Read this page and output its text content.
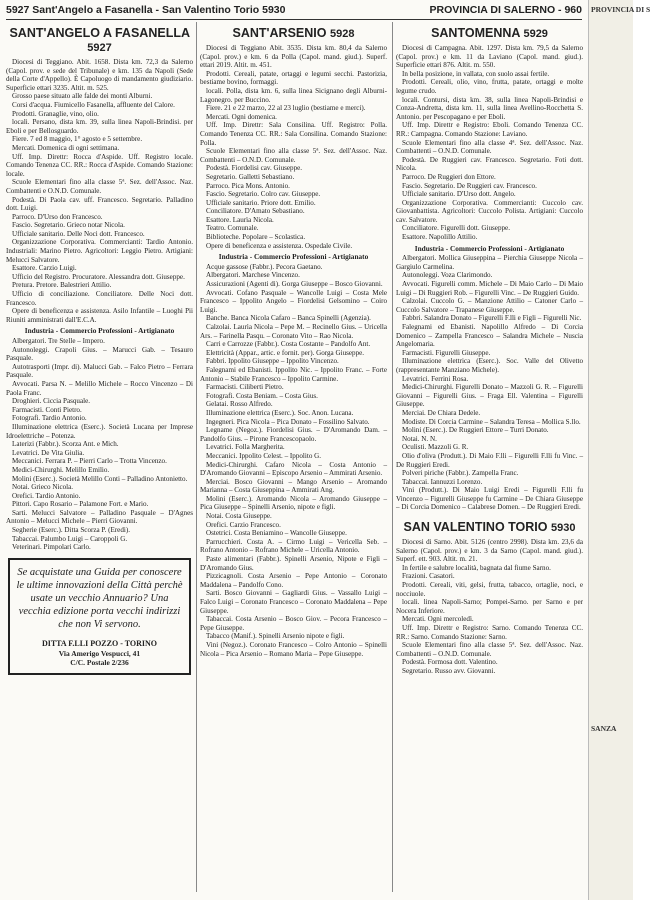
5927 Sant'Angelo a Fasanella - San Valentino Torio 5930	PROVINCIA DI SALERNO - 960
SANT'ANGELO A FASANELLA 5927

Diocesi di Teggiano. Abit. 1658. Dista km. 72,3 da Salerno (Capol. prov. e sede del Tribunale) e km. 135 da Napoli (Sede della Corte d'Appello). È Capoluogo di mandamento giudiziario. Superficie ettari 3235. Altit. m. 525.

Grosso paese situato alle falde dei monti Alburni.

Corsi d'acqua. Fiumicello Fasanella, affluente del Calore.

Prodotti. Granaglie, vino, olio.

locali. Persano, dista km. 39, sulla linea Napoli-Brindisi. per Eboli e per Bellosguardo.

Fiere. 7 ed 8 maggio, 1° agosto e 5 settembre.

Mercati. Domenica di ogni settimana.

Uff. Imp. Direttr: Rocca d'Aspide. Uff. Registro locale. Comando Tenenza CC. RR.: Rocca d'Aspide. Comando Stazione: locale.

Scuole Elementari fino alla classe 5ª. Sez. dell'Assoc. Naz. Combattenti e O.N.D. Comunale.

Podestà. Di Paola cav. uff. Francesco. Segretario. Palladino dott. Luigi.

Parroco. D'Urso don Francesco.

Fascio. Segretario. Grieco notar Nicola.

Ufficiale sanitario. Delle Noci dott. Francesco.

Organizzazione Corporativa. Commercianti: Tardio Antonio. Industriali: Marino Pietro. Agricoltori: Leggio Pietro. Artigiani: Melucci Salvatore.

Esattore. Carzio Luigi.

Ufficio del Registro. Procuratore. Alessandra dott. Giuseppe.

Pretura. Pretore. Balestrieri Attilio.

Ufficio di conciliazione. Conciliatore. Delle Noci dott. Francesco.

Opere di beneficenza e assistenza. Asilo Infantile – Luoghi Pii Riuniti amministrati dall'E.C.A.

Industria - Commercio Professioni - Artigianato

Albergatori. Tre Stelle – Impero.

Autonoleggi. Crapoli Gius. – Marucci Gab. – Tesauro Pasquale.

Autotrasporti (Impr. di). Malucci Gab. – Falco Pietro – Ferrara Pasquale.

Avvocati. Parsa N. – Melillo Michele – Rocco Vincenzo – Di Paola Franc.

Droghieri. Ciccia Pasquale.

Farmacisti. Conti Pietro.

Fotografi. Tardio Antonio.

Illuminazione elettrica (Eserc.). Società Lucana per Imprese Idroelettriche – Potenza.

Laterizi (Fabbr.). Scorza Ant. e Mich.

Levatrici. De Vita Giulia.

Meccanici. Ferrara P. – Pierri Carlo – Trotta Vincenzo.

Medici-Chirurghi. Melillo Emilio.

Molini (Eserc.). Società Melillo Conti – Palladino Antonietto.

Notai. Grieco Nicola.

Orefici. Tardio Antonio.

Pittori. Capo Rosario – Palamone Fort. e Mario.

Sarti. Melucci Salvatore – Palladino Pasquale – D'Agnes Antonio – Melucci Michele – Pierri Giovanni.

Segherie (Eserc.). Ditta Scorza P. (Eredi).

Tabaccai. Palumbo Luigi – Caroppoli G.

Veterinari. Pimpolari Carlo.

Se acquistate una Guida per conoscere le ultime innovazioni della Città perchè usate un vecchio Annuario? Una vecchia edizione porta vecchi indirizzi che non Vi servono.
DITTA F.LLI POZZO - TORINO
Via Amerigo Vespucci, 41
C/C. Postale 2/236
SANT'ARSENIO 5928

Diocesi di Teggiano Abit. 3535. Dista km. 80,4 da Salerno (Capol. prov.) e km. 6 da Polla (Capol. mand. giud.). Superf. ettari 2019. Altit. m. 451.

Prodotti. Cereali, patate, ortaggi e legumi secchi. Pastorizia, bestiame bovino, formaggi.

locali. Polla, dista km. 6, sulla linea Sicignano degli Alburni-Lagonegro. per Buccino.

Fiere. 21 e 22 marzo, 22 al 23 luglio (bestiame e merci).

Mercati. Ogni domenica.

Uff. Imp. Direttr: Sala Consilina. Uff. Registro: Polla. Comando Tenenza CC. RR.: Sala Consilina. Comando Stazione: Polla.

Scuole Elementari fino alla classe 5ª. Sez. dell'Assoc. Naz. Combattenti – O.N.D. Comunale.

Podestà. Fiordelisi cav. Giuseppe.

Segretario. Galletti Sebastiano.

Parroco. Pica Mons. Antonio.

Fascio. Segretario. Colro cav. Giuseppe.

Ufficiale sanitario. Priore dott. Emilio.

Conciliatore. D'Amato Sebastiano.

Esattore. Laurìa Nicola.

Teatro. Comunale.

Biblioteche. Popolare – Scolastica.

Opere di beneficenza e assistenza. Ospedale Civile.

Industria - Commercio Professioni - Artigianato

Acque gassose (Fabbr.). Pecora Gaetano.

Albergatori. Marchese Vincenzo.

Assicurazioni (Agenti di). Gorga Giuseppe – Bosco Giovanni.

Avvocati. Cofano Pasquale – Wancolle Luigi – Costa Mele Francesco – Ippolito Angelo – Fiordelisi Gelsomino – Coiro Luigi.

Banche. Banca Nicola Cafaro – Banca Spinelli (Agenzia).

Calzolai. Laurìa Nicola – Pepe M. – Recinello Gius. – Uricella Ars. – Farinella Pasqu. – Coronato Vito – Rao Nicola.

Carri e Carrozze (Fabbr.). Costa Costante – Pandolfo Ant.

Elettricità (Appar., artic. e fornit. per). Gorga Giuseppe.

Fabbri. Ippolito Giuseppe – Ippolito Vincenzo.

Falegnami ed Ebanisti. Ippolito Nic. – Ippolito Franc. – Forte Antonio – Stabile Francesco – Ippolito Carmine.

Farmacisti. Ciliberti Pietro.

Fotografi. Costa Beniam. – Costa Gius.

Gelatai. Rosso Alfredo.

Illuminazione elettrica (Eserc.). Soc. Anon. Lucana.

Ingegneri. Pica Nicola – Pica Donato – Fossilino Salvato.

Legname (Negoz.). Fiordelisi Gius. – D'Aromando Dam. – Pandolfo Gius. – Pirone Francescopaolo.

Levatrici. Folla Margherita.

Meccanici. Ippolito Celest. – Ippolito G.

Medici-Chirurghi. Cafaro Nicola – Costa Antonio – D'Aromando Giovanni – Episcopo Arsenio – Ammirati Arsenio.

Merciai. Bosco Giovanni – Mango Arsenio – Aromando Marianna – Costa Giuseppina – Ammirati Ang.

Molini (Eserc.). Aromando Nicola – Aromando Giuseppe – Pica Giuseppe – Spinelli Arsenio, nipote e figli.

Notai. Costa Giuseppe.

Orefici. Carzio Francesco.

Ostetrici. Costa Beniamino – Wancolle Giuseppe.

Parrucchieri. Costa A. – Cirmo Luigi – Vericella Seb. – Rofrano Antonio – Rofrano Michele – Uricella Antonio.

Paste alimentari (Fabbr.). Spinelli Arsenio, Nipote e Figli – D'Aromando Gius.

Pizzicagnoli. Costa Arsenio – Pepe Antonio – Coronato Maddalena – Pandolfo Cono.

Sarti. Bosco Giovanni – Gagliardi Gius. – Vassallo Luigi – Falco Luigi – Coronato Francesco – Coronato Maddalena – Pepe Giuseppe.

Tabaccai. Costa Arsenio – Bosco Giov. – Pecora Francesco – Pepe Giuseppe.

Tabacco (Manif.). Spinelli Arsenio nipote e figli.

Vini (Negoz.). Coronato Francesco – Colro Antonio – Spinelli Nicola – Pica Arsenio – Romano Maria – Pepe Giuseppe.

SANTOMENNA 5929

Diocesi di Campagna. Abit. 1297. Dista km. 79,5 da Salerno (Capol. prov.) e km. 11 da Laviano (Capol. mand. giud.). Superficie ettari 876. Altit. m. 550.

In bella posizione, in vallata, con suolo assai fertile.

Prodotti. Cereali, olio, vino, frutta, patate, ortaggi e molte legume crudo.

locali. Contursi, dista km. 38, sulla linea Napoli-Brindisi e Conza-Andretta, dista km. 11, sulla linea Avellino-Rocchetta S. Antonio. per Pescopagano e per Eboli.

Uff. Imp. Direttr e Registro: Eboli. Comando Tenenza CC. RR.: Campagna. Comando Stazione: Laviano.

Scuole Elementari fino alla classe 4ª. Sez. dell'Assoc. Naz. Combattenti – O.N.D. Comunale.

Podestà. De Ruggieri cav. Francesco. Segretario. Foti dott. Nicola.

Parroco. De Ruggieri don Ettore.

Fascio. Segretario. De Ruggieri cav. Francesco.

Ufficiale sanitario. D'Urso dott. Angelo.

Organizzazione Corporativa. Commercianti: Cuccolo cav. Giovanbattista. Agricoltori: Cuccolo Polista. Artigiani: Cuccolo cav. Salvatore.

Conciliatore. Figurelli dott. Giuseppe.

Esattore. Napolillo Attilio.

Industria - Commercio Professioni - Artigianato

Albergatori. Mollica Giuseppina – Pierchia Giuseppe Nicola – Gargiulo Carmelina.

Autonoleggi. Voza Clarimondo.

Avvocati. Figurelli comm. Michele – Di Maio Carlo – Di Maio Luigi – Di Ruggieri Rob. – Figurelli Vinc. – De Ruggieri Guido.

Calzolai. Cuccolo G. – Manzione Attilio – Catoner Carlo – Cuccolo Salvatore – Trapanese Giuseppe.

Fabbri. Salandra Donato – Figurelli F.lli e Figli – Figurelli Nic.

Falegnami ed Ebanisti. Napolillo Alfredo – Di Corcia Domenico – Zampella Francesco – Salandra Michele – Nuscia Angelomaria.

Farmacisti. Figurelli Giuseppe.

Illuminazione elettrica (Eserc.). Soc. Valle del Olivetto (rappresentante Manziano Michele).

Levatrici. Ferrini Rosa.

Medici-Chirurghi. Figurelli Donato – Mazzoli G. R. – Figurelli Giovanni – Figurelli Gius. – Fraga Ell. Valentina – Figurelli Giuseppe.

Merciai. De Chiara Dedele.

Modiste. Di Corcia Carmine – Salandra Teresa – Mollica S.llo.

Molini (Eserc.). De Ruggieri Ettore – Turri Donato.

Notai. N. N.

Oculisti. Mazzoli G. R.

Olio d'oliva (Produtt.). Di Maio F.lli – Figurelli F.lli fu Vinc. – De Ruggieri Eredi.

Polveri piriche (Fabbr.). Zampella Franc.

Tabaccai. Iannuzzi Lorenzo.

Vini (Produtt.). Di Maio Luigi Eredi – Figurelli F.lli fu Vincenzo – Figurelli Giuseppe fu Carmine – De Chiara Giuseppe – Di Corcia Domenico – Calabrese Domen. – De Ruggieri Eredi.

SAN VALENTINO TORIO 5930

Diocesi di Sarno. Abit. 5126 (centro 2998). Dista km. 23,6 da Salerno (Capol. prov.) e km. 3 da Sarno (Capol. mand. giud.). Superf. ett. 903. Altit. m. 21.

In fertile e salubre località, bagnata dal fiume Sarno.

Frazioni. Casatori.

Prodotti. Cereali, viti, gelsi, frutta, tabacco, ortaglie, noci, e nocciuole.

locali. linea Napoli-Sarno; Pompei-Sarno. per Sarno e per Nocera Inferiore.

Mercati. Ogni mercoledì.

Uff. Imp. Direttr e Registro: Sarno. Comando Tenenza CC. RR.: Sarno. Comando Stazione: Sarno.

Scuole Elementari fino alla classe 5ª. Sez. dell'Assoc. Naz. Combattenti – O.N.D. Comunale.

Podestà. Formosa dott. Valentino.

Segretario. Russo avv. Giovanni.

PROVINCIA DI S
SANZA
